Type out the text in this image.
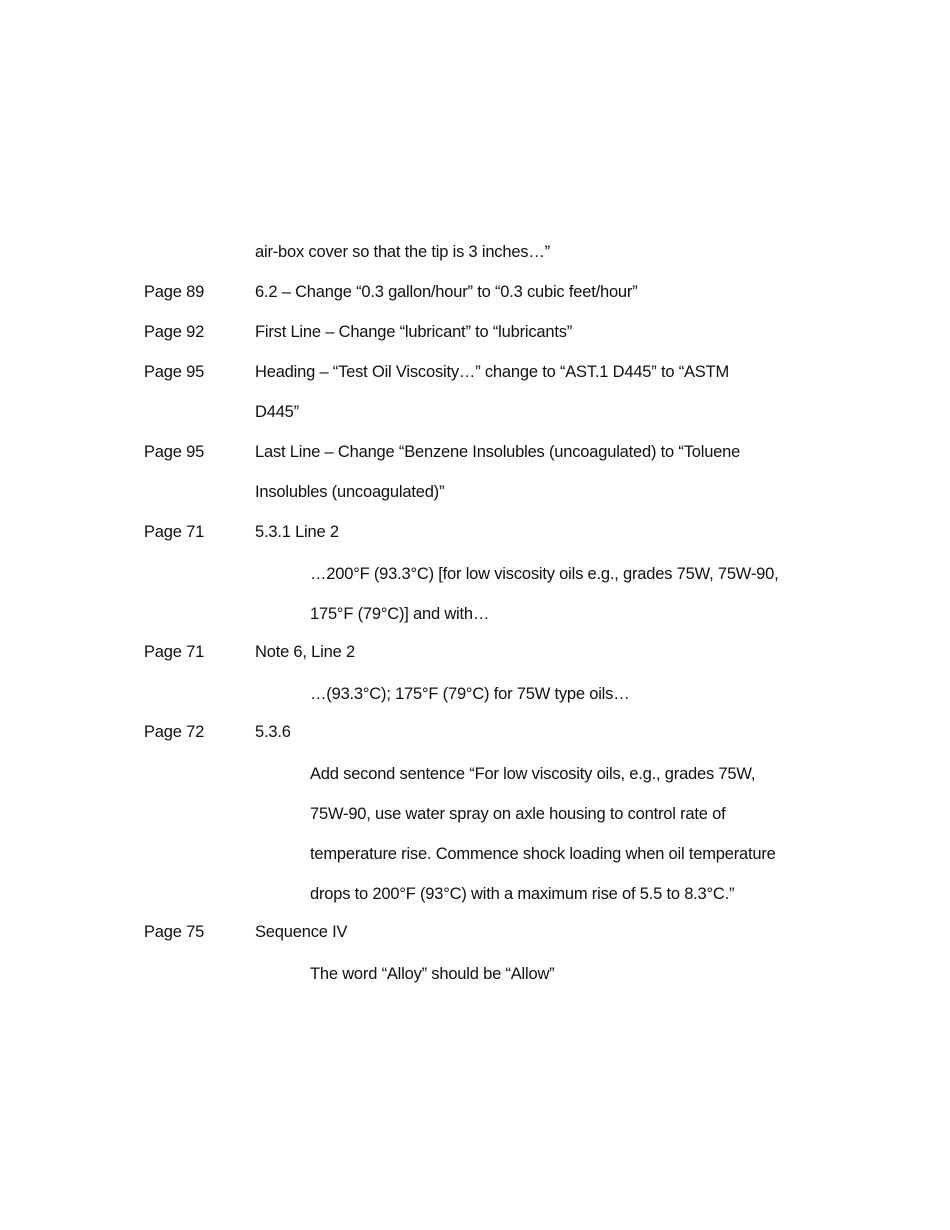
air-box cover so that the tip is 3 inches…”
Page 89	6.2 – Change “0.3 gallon/hour” to “0.3 cubic feet/hour”
Page 92	First Line – Change “lubricant” to “lubricants”
Page 95	Heading – “Test Oil Viscosity…” change to “AST.1 D445” to “ASTM
D445”
Page 95	Last Line – Change “Benzene Insolubles (uncoagulated) to “Toluene
Insolubles (uncoagulated)”
Page 71	5.3.1 Line 2
…200°F (93.3°C) [for low viscosity oils e.g., grades 75W, 75W-90,
175°F (79°C)] and with…
Page 71	Note 6, Line 2
…(93.3°C); 175°F (79°C) for 75W type oils…
Page 72	5.3.6
Add second sentence “For low viscosity oils, e.g., grades 75W,
75W-90, use water spray on axle housing to control rate of
temperature rise. Commence shock loading when oil temperature
drops to 200°F (93°C) with a maximum rise of 5.5 to 8.3°C.”
Page 75	Sequence IV
The word “Alloy” should be “Allow”
